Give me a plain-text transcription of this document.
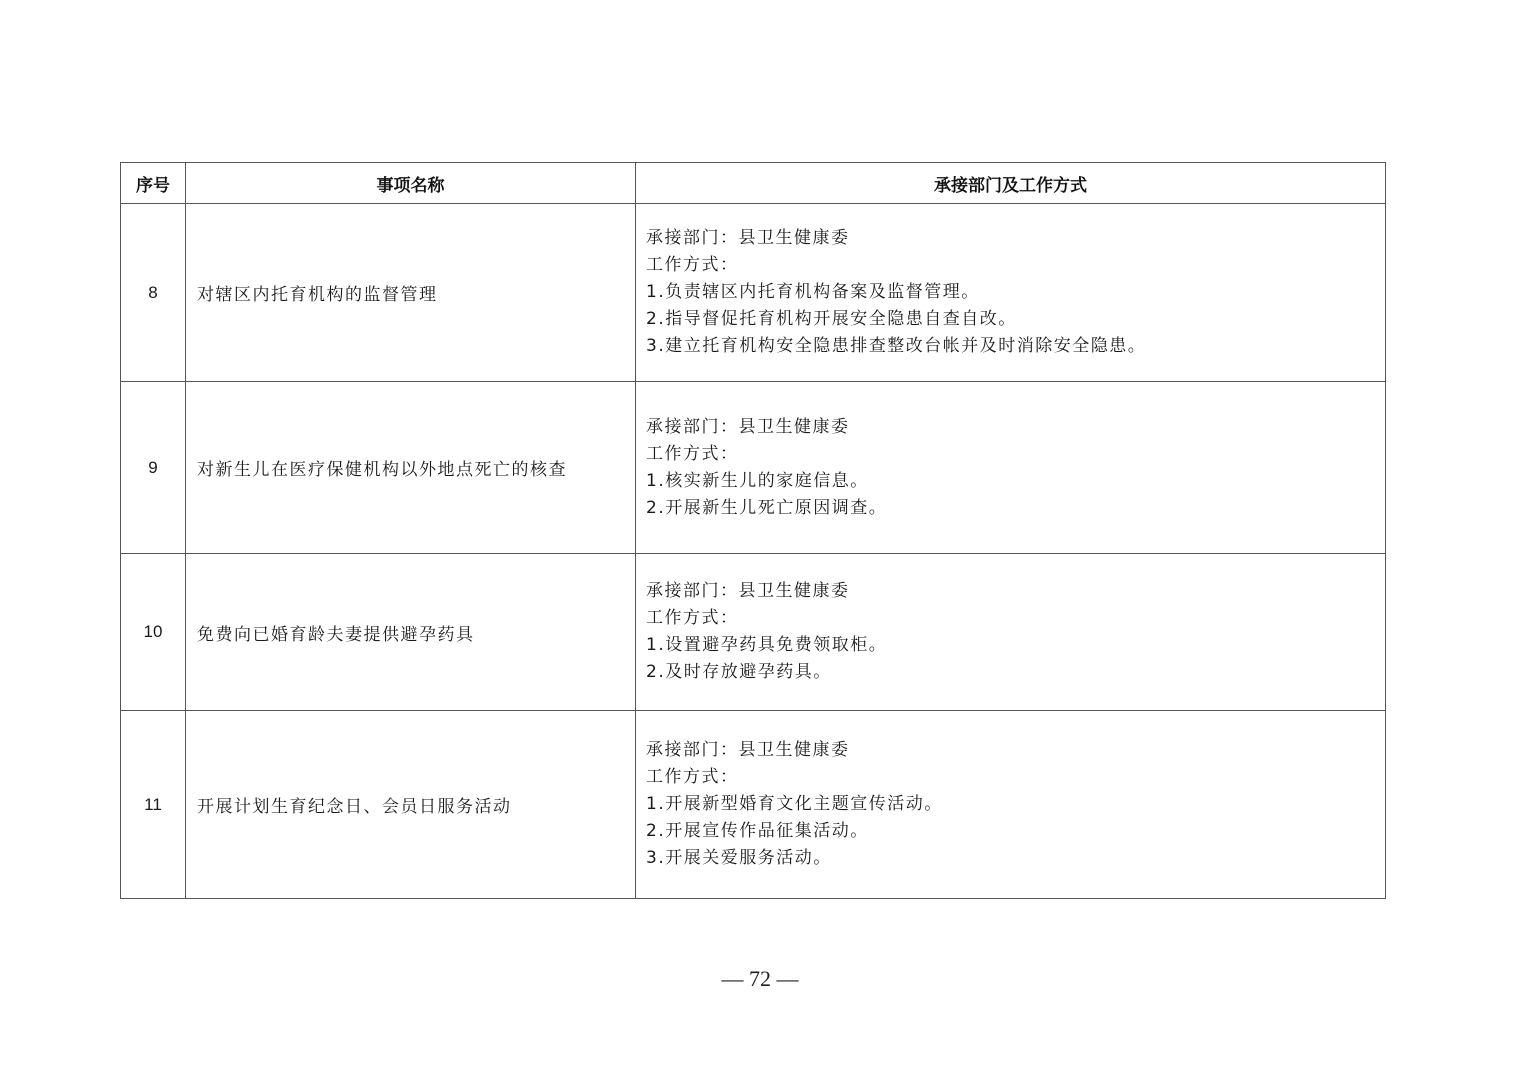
序号	事项名称	承接部门及工作方式
8	对辖区内托育机构的监督管理	承接部门：县卫生健康委
工作方式：
1.负责辖区内托育机构备案及监督管理。
2.指导督促托育机构开展安全隐患自查自改。
3.建立托育机构安全隐患排查整改台帐并及时消除安全隐患。

9	对新生儿在医疗保健机构以外地点死亡的核查	承接部门：县卫生健康委
工作方式：
1.核实新生儿的家庭信息。
2.开展新生儿死亡原因调查。

10	免费向已婚育龄夫妻提供避孕药具	承接部门：县卫生健康委
工作方式：
1.设置避孕药具免费领取柜。
2.及时存放避孕药具。

11	开展计划生育纪念日、会员日服务活动	承接部门：县卫生健康委
工作方式：
1.开展新型婚育文化主题宣传活动。
2.开展宣传作品征集活动。
3.开展关爱服务活动。
— 72 —
